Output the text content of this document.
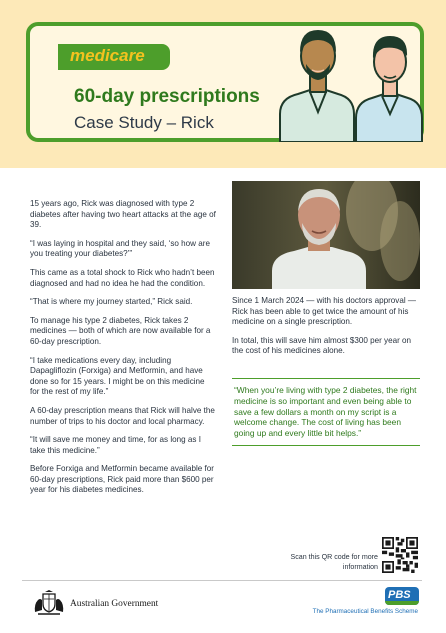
medicare
60-day prescriptions
Case Study – Rick

15 years ago, Rick was diagnosed with type 2 diabetes after having two heart attacks at the age of 39.

“I was laying in hospital and they said, ‘so how are you treating your diabetes?’”

This came as a total shock to Rick who hadn’t been diagnosed and had no idea he had the condition.

“That is where my journey started,” Rick said.

To manage his type 2 diabetes, Rick takes 2 medicines — both of which are now available for a 60-day prescription.

“I take medications every day, including Dapagliflozin (Forxiga) and Metformin, and have done so for 15 years. I might be on this medicine for the rest of my life.”

A 60-day prescription means that Rick will halve the number of trips to his doctor and local pharmacy.

“It will save me money and time, for as long as I take this medicine.”

Before Forxiga and Metformin became available for 60-day prescriptions, Rick paid more than $600 per year for his diabetes medicines.

Since 1 March 2024 — with his doctors approval — Rick has been able to get twice the amount of his medicine on a single prescription.

In total, this will save him almost $300 per year on the cost of his medicines alone.

“When you’re living with type 2 diabetes, the right medicine is so important and even being able to save a few dollars a month on my script is a welcome change. The cost of living has been going up and every little bit helps.”
Scan this QR code for more information
Australian Government
PBS
The Pharmaceutical Benefits Scheme
